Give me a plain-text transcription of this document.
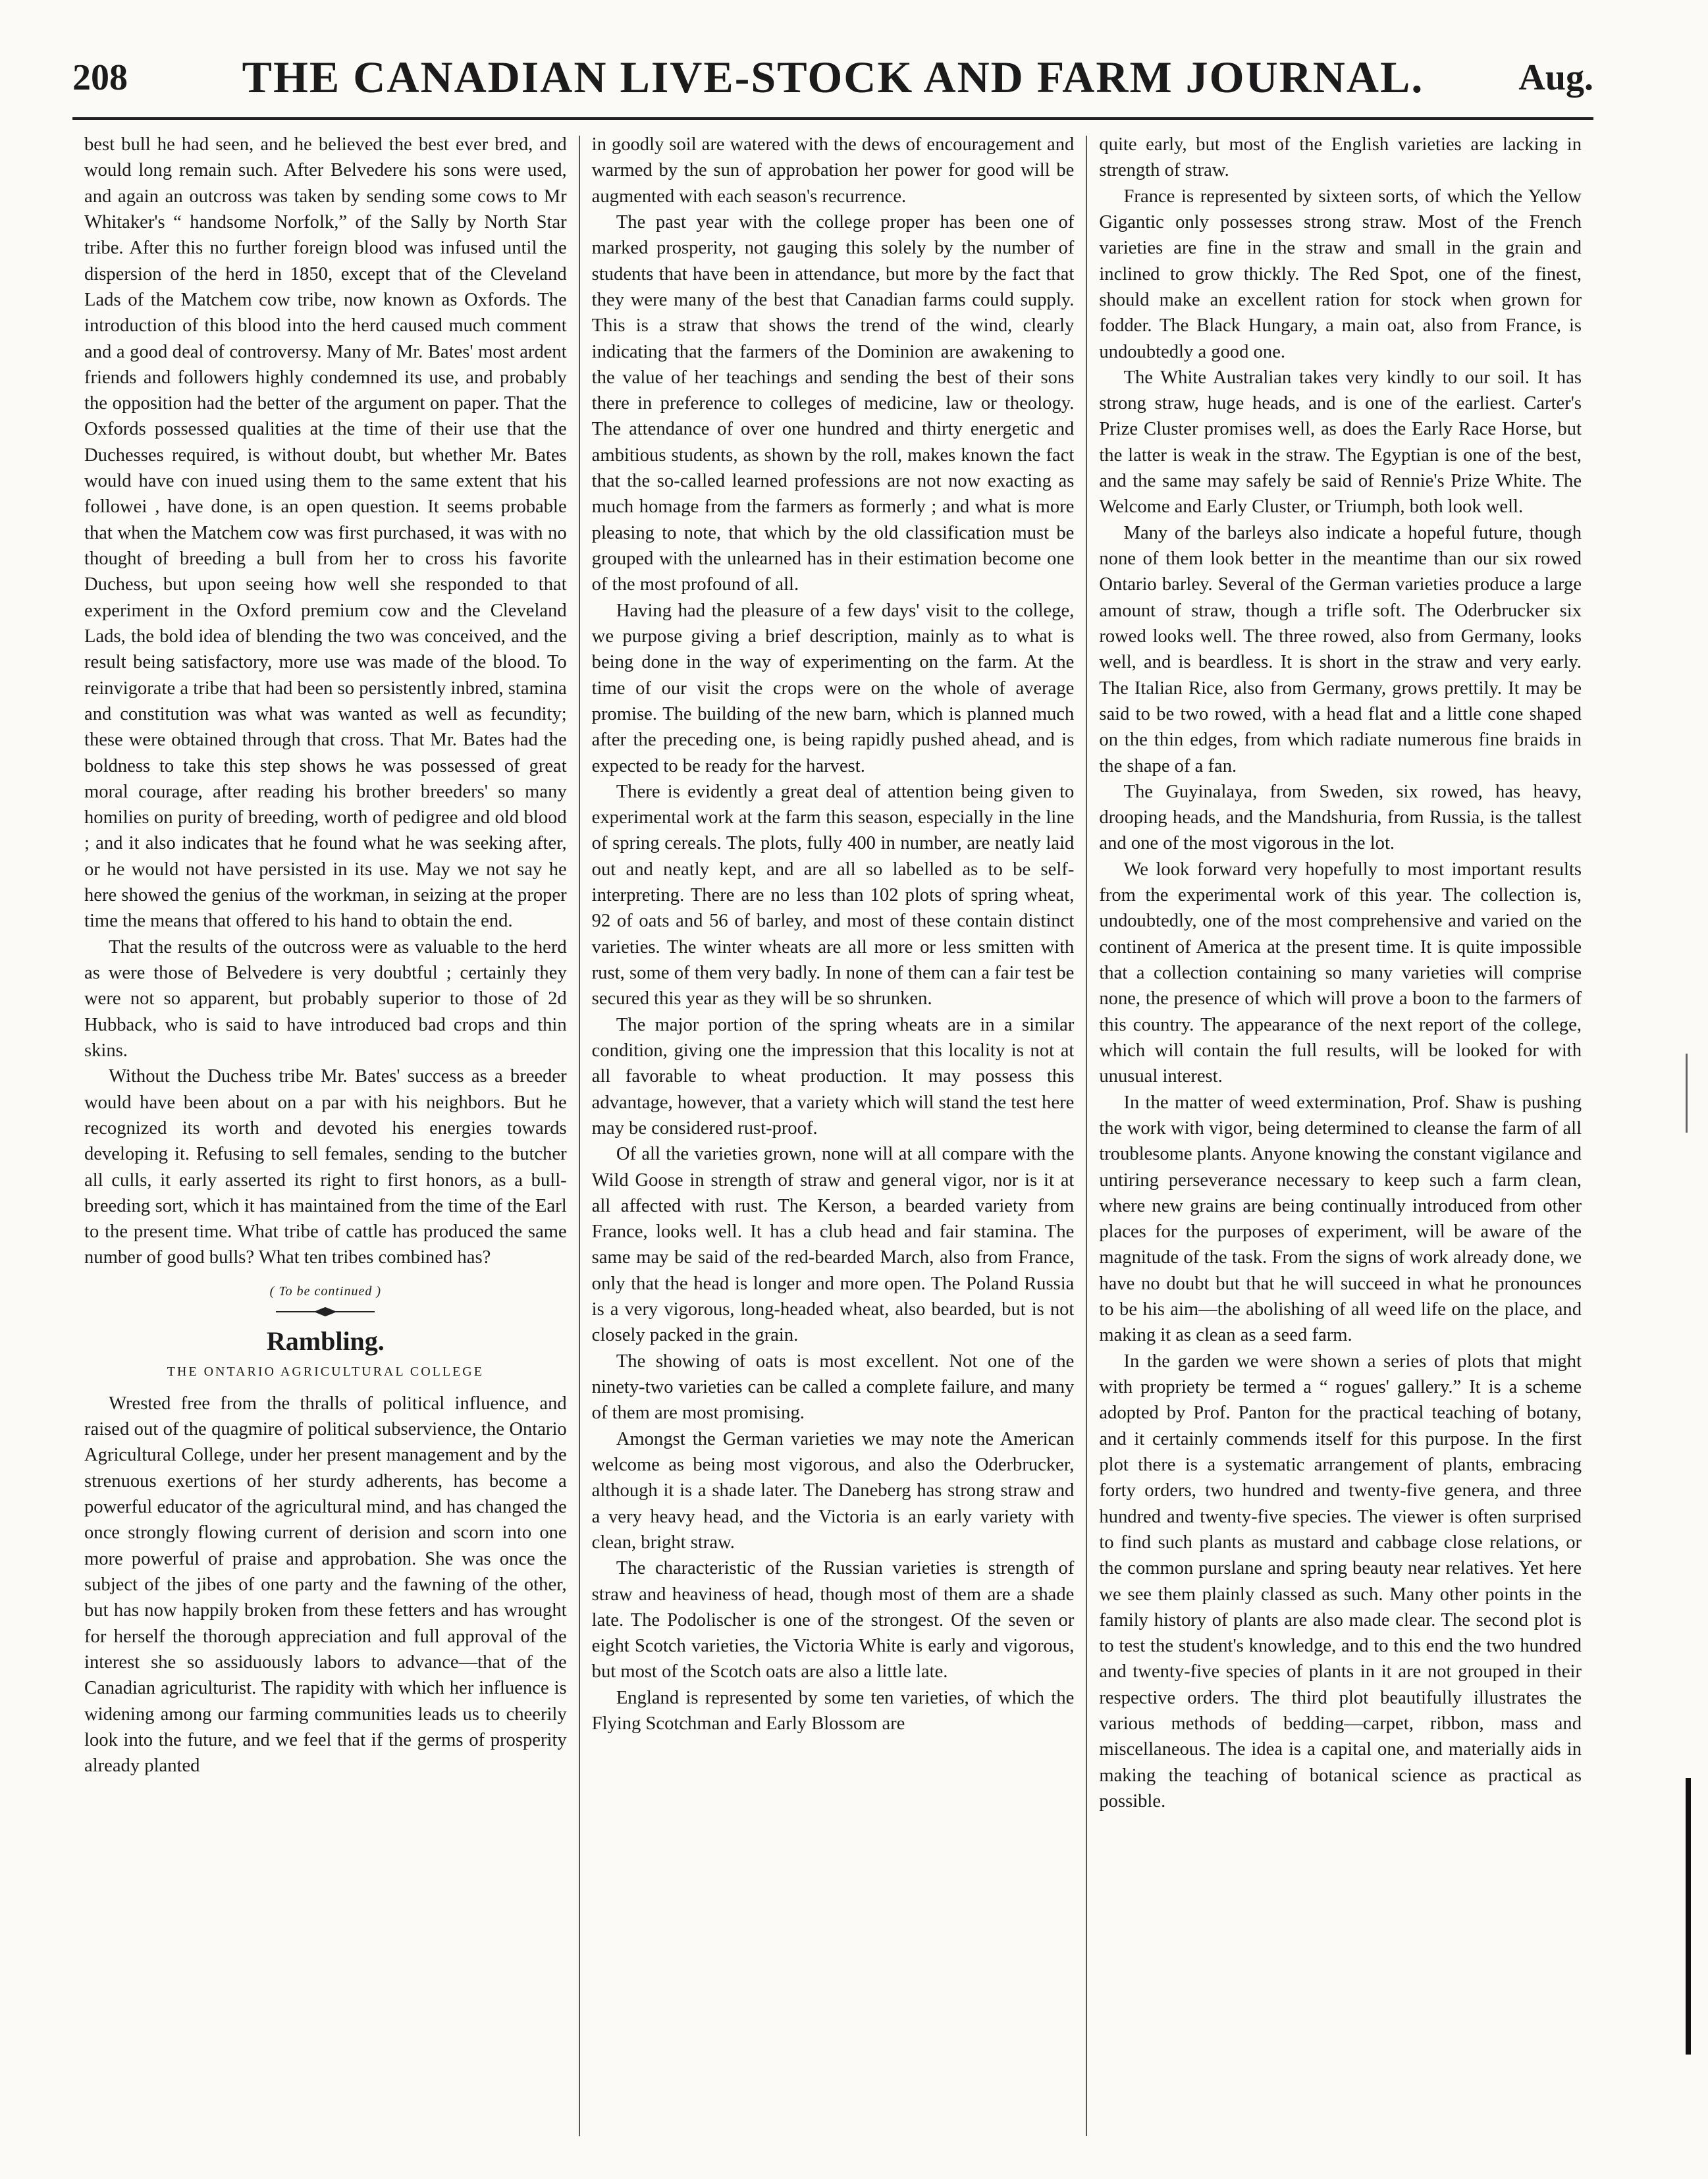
208	THE CANADIAN LIVE-STOCK AND FARM JOURNAL.	Aug.

best bull he had seen, and he believed the best ever bred, and would long remain such. After Belvedere his sons were used, and again an outcross was taken by sending some cows to Mr Whitaker's “ handsome Norfolk,” of the Sally by North Star tribe. After this no further foreign blood was infused until the dispersion of the herd in 1850, except that of the Cleveland Lads of the Matchem cow tribe, now known as Oxfords. The introduction of this blood into the herd caused much comment and a good deal of controversy. Many of Mr. Bates' most ardent friends and followers highly condemned its use, and probably the opposition had the better of the argument on paper. That the Oxfords possessed qualities at the time of their use that the Duchesses required, is without doubt, but whether Mr. Bates would have con inued using them to the same extent that his followei , have done, is an open question. It seems probable that when the Matchem cow was first purchased, it was with no thought of breeding a bull from her to cross his favorite Duchess, but upon seeing how well she responded to that experiment in the Oxford premium cow and the Cleveland Lads, the bold idea of blending the two was conceived, and the result being satisfactory, more use was made of the blood. To reinvigorate a tribe that had been so persistently inbred, stamina and constitution was what was wanted as well as fecundity; these were obtained through that cross. That Mr. Bates had the boldness to take this step shows he was possessed of great moral courage, after reading his brother breeders' so many homilies on purity of breeding, worth of pedigree and old blood ; and it also indicates that he found what he was seeking after, or he would not have persisted in its use. May we not say he here showed the genius of the workman, in seizing at the proper time the means that offered to his hand to obtain the end.

That the results of the outcross were as valuable to the herd as were those of Belvedere is very doubtful ; certainly they were not so apparent, but probably superior to those of 2d Hubback, who is said to have introduced bad crops and thin skins.

Without the Duchess tribe Mr. Bates' success as a breeder would have been about on a par with his neighbors. But he recognized its worth and devoted his energies towards developing it. Refusing to sell females, sending to the butcher all culls, it early asserted its right to first honors, as a bull-breeding sort, which it has maintained from the time of the Earl to the present time. What tribe of cattle has produced the same number of good bulls? What ten tribes combined has?

( To be continued )
Rambling.
THE ONTARIO AGRICULTURAL COLLEGE

Wrested free from the thralls of political influence, and raised out of the quagmire of political subservience, the Ontario Agricultural College, under her present management and by the strenuous exertions of her sturdy adherents, has become a powerful educator of the agricultural mind, and has changed the once strongly flowing current of derision and scorn into one more powerful of praise and approbation. She was once the subject of the jibes of one party and the fawning of the other, but has now happily broken from these fetters and has wrought for herself the thorough appreciation and full approval of the interest she so assiduously labors to advance—that of the Canadian agriculturist. The rapidity with which her influence is widening among our farming communities leads us to cheerily look into the future, and we feel that if the germs of prosperity already planted

in goodly soil are watered with the dews of encouragement and warmed by the sun of approbation her power for good will be augmented with each season's recurrence.

The past year with the college proper has been one of marked prosperity, not gauging this solely by the number of students that have been in attendance, but more by the fact that they were many of the best that Canadian farms could supply. This is a straw that shows the trend of the wind, clearly indicating that the farmers of the Dominion are awakening to the value of her teachings and sending the best of their sons there in preference to colleges of medicine, law or theology. The attendance of over one hundred and thirty energetic and ambitious students, as shown by the roll, makes known the fact that the so-called learned professions are not now exacting as much homage from the farmers as formerly ; and what is more pleasing to note, that which by the old classification must be grouped with the unlearned has in their estimation become one of the most profound of all.

Having had the pleasure of a few days' visit to the college, we purpose giving a brief description, mainly as to what is being done in the way of experimenting on the farm. At the time of our visit the crops were on the whole of average promise. The building of the new barn, which is planned much after the preceding one, is being rapidly pushed ahead, and is expected to be ready for the harvest.

There is evidently a great deal of attention being given to experimental work at the farm this season, especially in the line of spring cereals. The plots, fully 400 in number, are neatly laid out and neatly kept, and are all so labelled as to be self-interpreting. There are no less than 102 plots of spring wheat, 92 of oats and 56 of barley, and most of these contain distinct varieties. The winter wheats are all more or less smitten with rust, some of them very badly. In none of them can a fair test be secured this year as they will be so shrunken.

The major portion of the spring wheats are in a similar condition, giving one the impression that this locality is not at all favorable to wheat production. It may possess this advantage, however, that a variety which will stand the test here may be considered rust-proof.

Of all the varieties grown, none will at all compare with the Wild Goose in strength of straw and general vigor, nor is it at all affected with rust. The Kerson, a bearded variety from France, looks well. It has a club head and fair stamina. The same may be said of the red-bearded March, also from France, only that the head is longer and more open. The Poland Russia is a very vigorous, long-headed wheat, also bearded, but is not closely packed in the grain.

The showing of oats is most excellent. Not one of the ninety-two varieties can be called a complete failure, and many of them are most promising.

Amongst the German varieties we may note the American welcome as being most vigorous, and also the Oderbrucker, although it is a shade later. The Daneberg has strong straw and a very heavy head, and the Victoria is an early variety with clean, bright straw.

The characteristic of the Russian varieties is strength of straw and heaviness of head, though most of them are a shade late. The Podolischer is one of the strongest. Of the seven or eight Scotch varieties, the Victoria White is early and vigorous, but most of the Scotch oats are also a little late.

England is represented by some ten varieties, of which the Flying Scotchman and Early Blossom are

quite early, but most of the English varieties are lacking in strength of straw.

France is represented by sixteen sorts, of which the Yellow Gigantic only possesses strong straw. Most of the French varieties are fine in the straw and small in the grain and inclined to grow thickly. The Red Spot, one of the finest, should make an excellent ration for stock when grown for fodder. The Black Hungary, a main oat, also from France, is undoubtedly a good one.

The White Australian takes very kindly to our soil. It has strong straw, huge heads, and is one of the earliest. Carter's Prize Cluster promises well, as does the Early Race Horse, but the latter is weak in the straw. The Egyptian is one of the best, and the same may safely be said of Rennie's Prize White. The Welcome and Early Cluster, or Triumph, both look well.

Many of the barleys also indicate a hopeful future, though none of them look better in the meantime than our six rowed Ontario barley. Several of the German varieties produce a large amount of straw, though a trifle soft. The Oderbrucker six rowed looks well. The three rowed, also from Germany, looks well, and is beardless. It is short in the straw and very early. The Italian Rice, also from Germany, grows prettily. It may be said to be two rowed, with a head flat and a little cone shaped on the thin edges, from which radiate numerous fine braids in the shape of a fan.

The Guyinalaya, from Sweden, six rowed, has heavy, drooping heads, and the Mandshuria, from Russia, is the tallest and one of the most vigorous in the lot.

We look forward very hopefully to most important results from the experimental work of this year. The collection is, undoubtedly, one of the most comprehensive and varied on the continent of America at the present time. It is quite impossible that a collection containing so many varieties will comprise none, the presence of which will prove a boon to the farmers of this country. The appearance of the next report of the college, which will contain the full results, will be looked for with unusual interest.

In the matter of weed extermination, Prof. Shaw is pushing the work with vigor, being determined to cleanse the farm of all troublesome plants. Anyone knowing the constant vigilance and untiring perseverance necessary to keep such a farm clean, where new grains are being continually introduced from other places for the purposes of experiment, will be aware of the magnitude of the task. From the signs of work already done, we have no doubt but that he will succeed in what he pronounces to be his aim—the abolishing of all weed life on the place, and making it as clean as a seed farm.

In the garden we were shown a series of plots that might with propriety be termed a “ rogues' gallery.” It is a scheme adopted by Prof. Panton for the practical teaching of botany, and it certainly commends itself for this purpose. In the first plot there is a systematic arrangement of plants, embracing forty orders, two hundred and twenty-five genera, and three hundred and twenty-five species. The viewer is often surprised to find such plants as mustard and cabbage close relations, or the common purslane and spring beauty near relatives. Yet here we see them plainly classed as such. Many other points in the family history of plants are also made clear. The second plot is to test the student's knowledge, and to this end the two hundred and twenty-five species of plants in it are not grouped in their respective orders. The third plot beautifully illustrates the various methods of bedding—carpet, ribbon, mass and miscellaneous. The idea is a capital one, and materially aids in making the teaching of botanical science as practical as possible.
